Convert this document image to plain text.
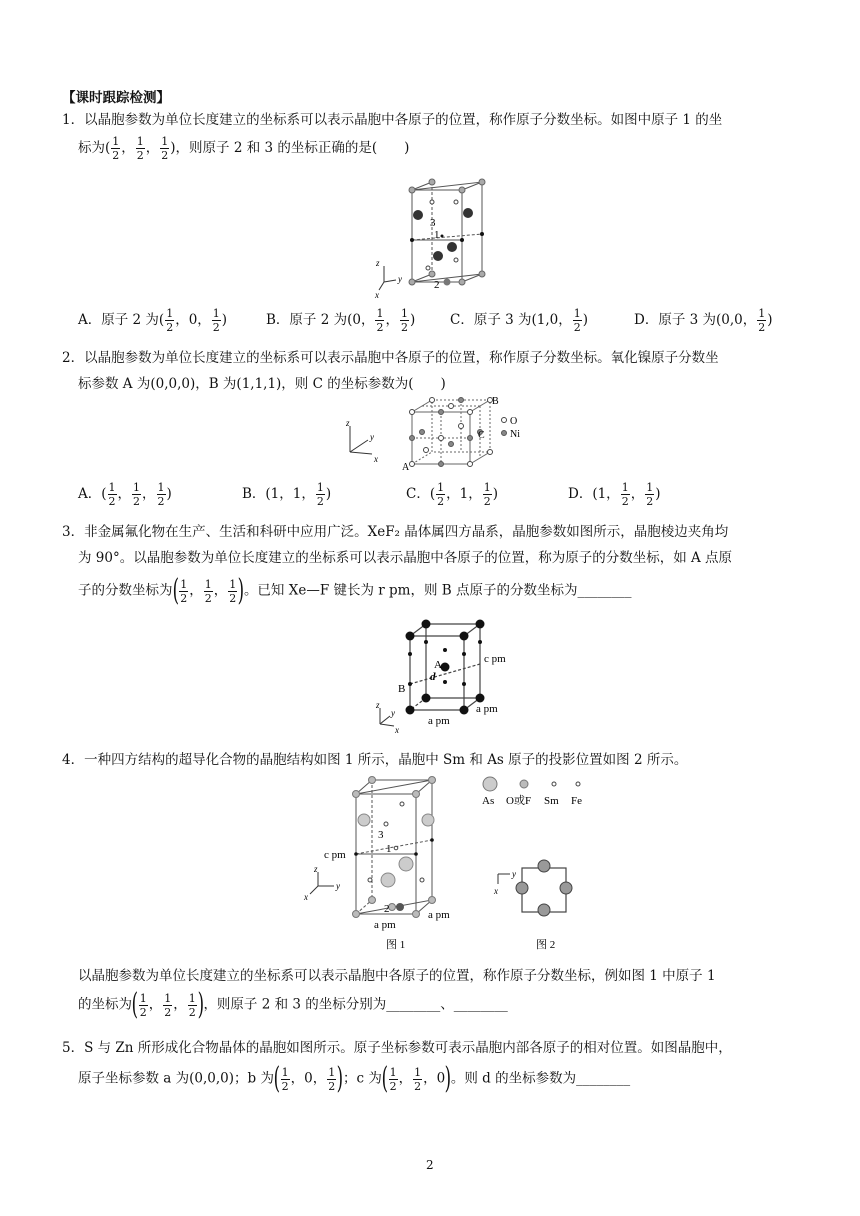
【课时跟踪检测】
1．以晶胞参数为单位长度建立的坐标系可以表示晶胞中各原子的位置，称作原子分数坐标。如图中原子 1 的坐
标为( $\frac{1}{2}$ ， $\frac{1}{2}$ ， $\frac{1}{2}$ )，则原子 2 和 3 的坐标正确的是(　　)
3
1
2
z
y
x
A．原子 2 为( $\frac{1}{2}$ ，0， $\frac{1}{2}$ )	B．原子 2 为(0， $\frac{1}{2}$ ， $\frac{1}{2}$ )	C．原子 3 为(1,0， $\frac{1}{2}$ )	D．原子 3 为(0,0， $\frac{1}{2}$ )
2．以晶胞参数为单位长度建立的坐标系可以表示晶胞中各原子的位置，称作原子分数坐标。氧化镍原子分数坐
标参数 A 为(0,0,0)，B 为(1,1,1)，则 C 的坐标参数为(　　)
B
C
A
O
Ni
z
y
x
A．( $\frac{1}{2}$ ， $\frac{1}{2}$ ， $\frac{1}{2}$ )	B．(1，1， $\frac{1}{2}$ )	C．( $\frac{1}{2}$ ，1， $\frac{1}{2}$ )	D．(1， $\frac{1}{2}$ ， $\frac{1}{2}$ )
3．非金属氟化物在生产、生活和科研中应用广泛。XeF₂ 晶体属四方晶系，晶胞参数如图所示，晶胞棱边夹角均
为 90°。以晶胞参数为单位长度建立的坐标系可以表示晶胞中各原子的位置，称为原子的分数坐标，如 A 点原
子的分数坐标为( $\frac{1}{2}$ ， $\frac{1}{2}$ ， $\frac{1}{2}$ )。已知 Xe—F 键长为 r pm，则 B 点原子的分数坐标为________
A
d
B
c pm
a pm
a pm
z
y
x
4．一种四方结构的超导化合物的晶胞结构如图 1 所示，晶胞中 Sm 和 As 原子的投影位置如图 2 所示。
3
1
2
c pm
a pm
a pm
z
y
x
图 1
As O或F Sm Fe
y
x
图 2
以晶胞参数为单位长度建立的坐标系可以表示晶胞中各原子的位置，称作原子分数坐标，例如图 1 中原子 1
的坐标为( $\frac{1}{2}$ ， $\frac{1}{2}$ ， $\frac{1}{2}$ )，则原子 2 和 3 的坐标分别为________、________
5．S 与 Zn 所形成化合物晶体的晶胞如图所示。原子坐标参数可表示晶胞内部各原子的相对位置。如图晶胞中，
原子坐标参数 a 为(0,0,0)；b 为( $\frac{1}{2}$ ，0， $\frac{1}{2}$ )；c 为( $\frac{1}{2}$ ， $\frac{1}{2}$ ，0)。则 d 的坐标参数为________
2
